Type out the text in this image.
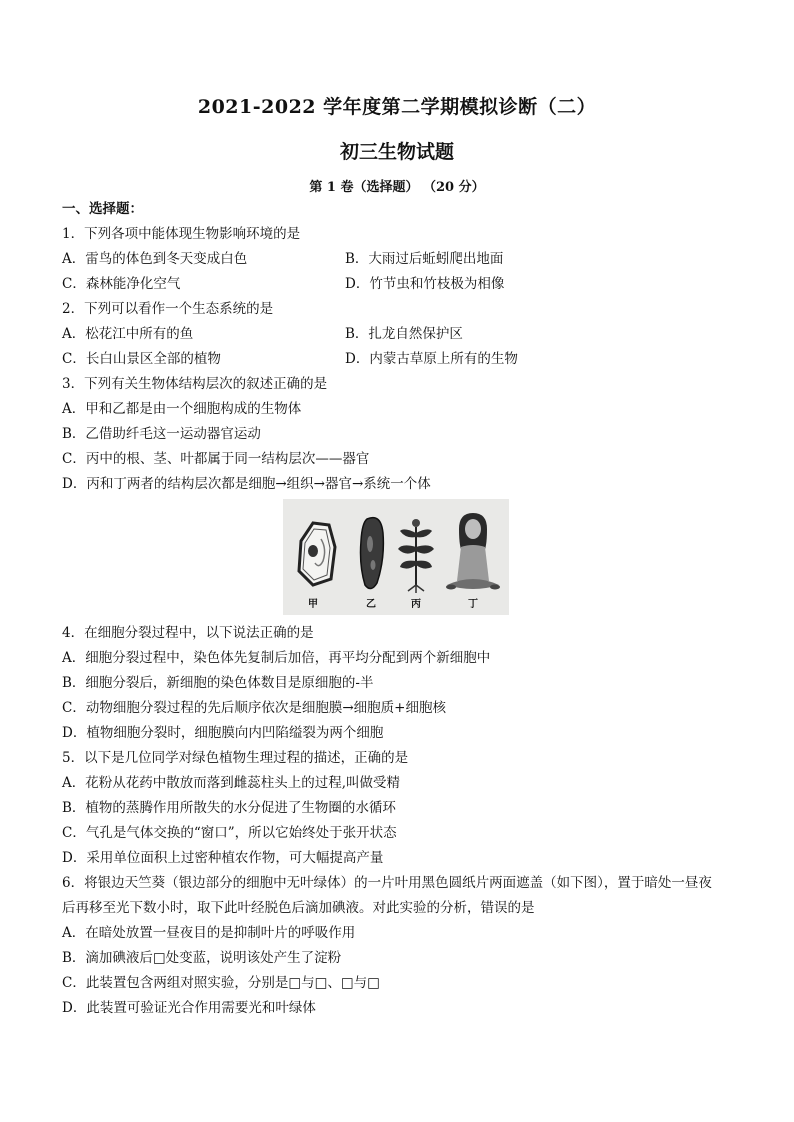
2021-2022 学年度第二学期模拟诊断（二）
初三生物试题
第 1 卷（选择题） （20 分）
一、选择题：
1．下列各项中能体现生物影响环境的是
A．雷鸟的体色到冬天变成白色	B．大雨过后蚯蚓爬出地面
C．森林能净化空气	D．竹节虫和竹枝极为相像
2．下列可以看作一个生态系统的是
A．松花江中所有的鱼	B．扎龙自然保护区
C．长白山景区全部的植物	D．内蒙古草原上所有的生物
3．下列有关生物体结构层次的叙述正确的是
A．甲和乙都是由一个细胞构成的生物体
B．乙借助纤毛这一运动器官运动
C．丙中的根、茎、叶都属于同一结构层次——器官
D．丙和丁两者的结构层次都是细胞→组织→器官→系统一个体
甲	乙	丙	丁
4．在细胞分裂过程中，以下说法正确的是
A．细胞分裂过程中，染色体先复制后加倍，再平均分配到两个新细胞中
B．细胞分裂后，新细胞的染色体数目是原细胞的-半
C．动物细胞分裂过程的先后顺序依次是细胞膜→细胞质+细胞核
D．植物细胞分裂时，细胞膜向内凹陷缢裂为两个细胞
5．以下是几位同学对绿色植物生理过程的描述，正确的是
A．花粉从花药中散放而落到雌蕊柱头上的过程,叫做受精
B．植物的蒸腾作用所散失的水分促进了生物圈的水循环
C．气孔是气体交换的“窗口”，所以它始终处于张开状态
D．采用单位面积上过密种植农作物，可大幅提高产量
6．将银边天竺葵（银边部分的细胞中无叶绿体）的一片叶用黑色圆纸片两面遮盖（如下图），置于暗处一昼夜
后再移至光下数小时，取下此叶经脱色后滴加碘液。对此实验的分析，错误的是
A．在暗处放置一昼夜目的是抑制叶片的呼吸作用
B．滴加碘液后□处变蓝，说明该处产生了淀粉
C．此装置包含两组对照实验，分别是□与□、□与□
D．此装置可验证光合作用需要光和叶绿体
